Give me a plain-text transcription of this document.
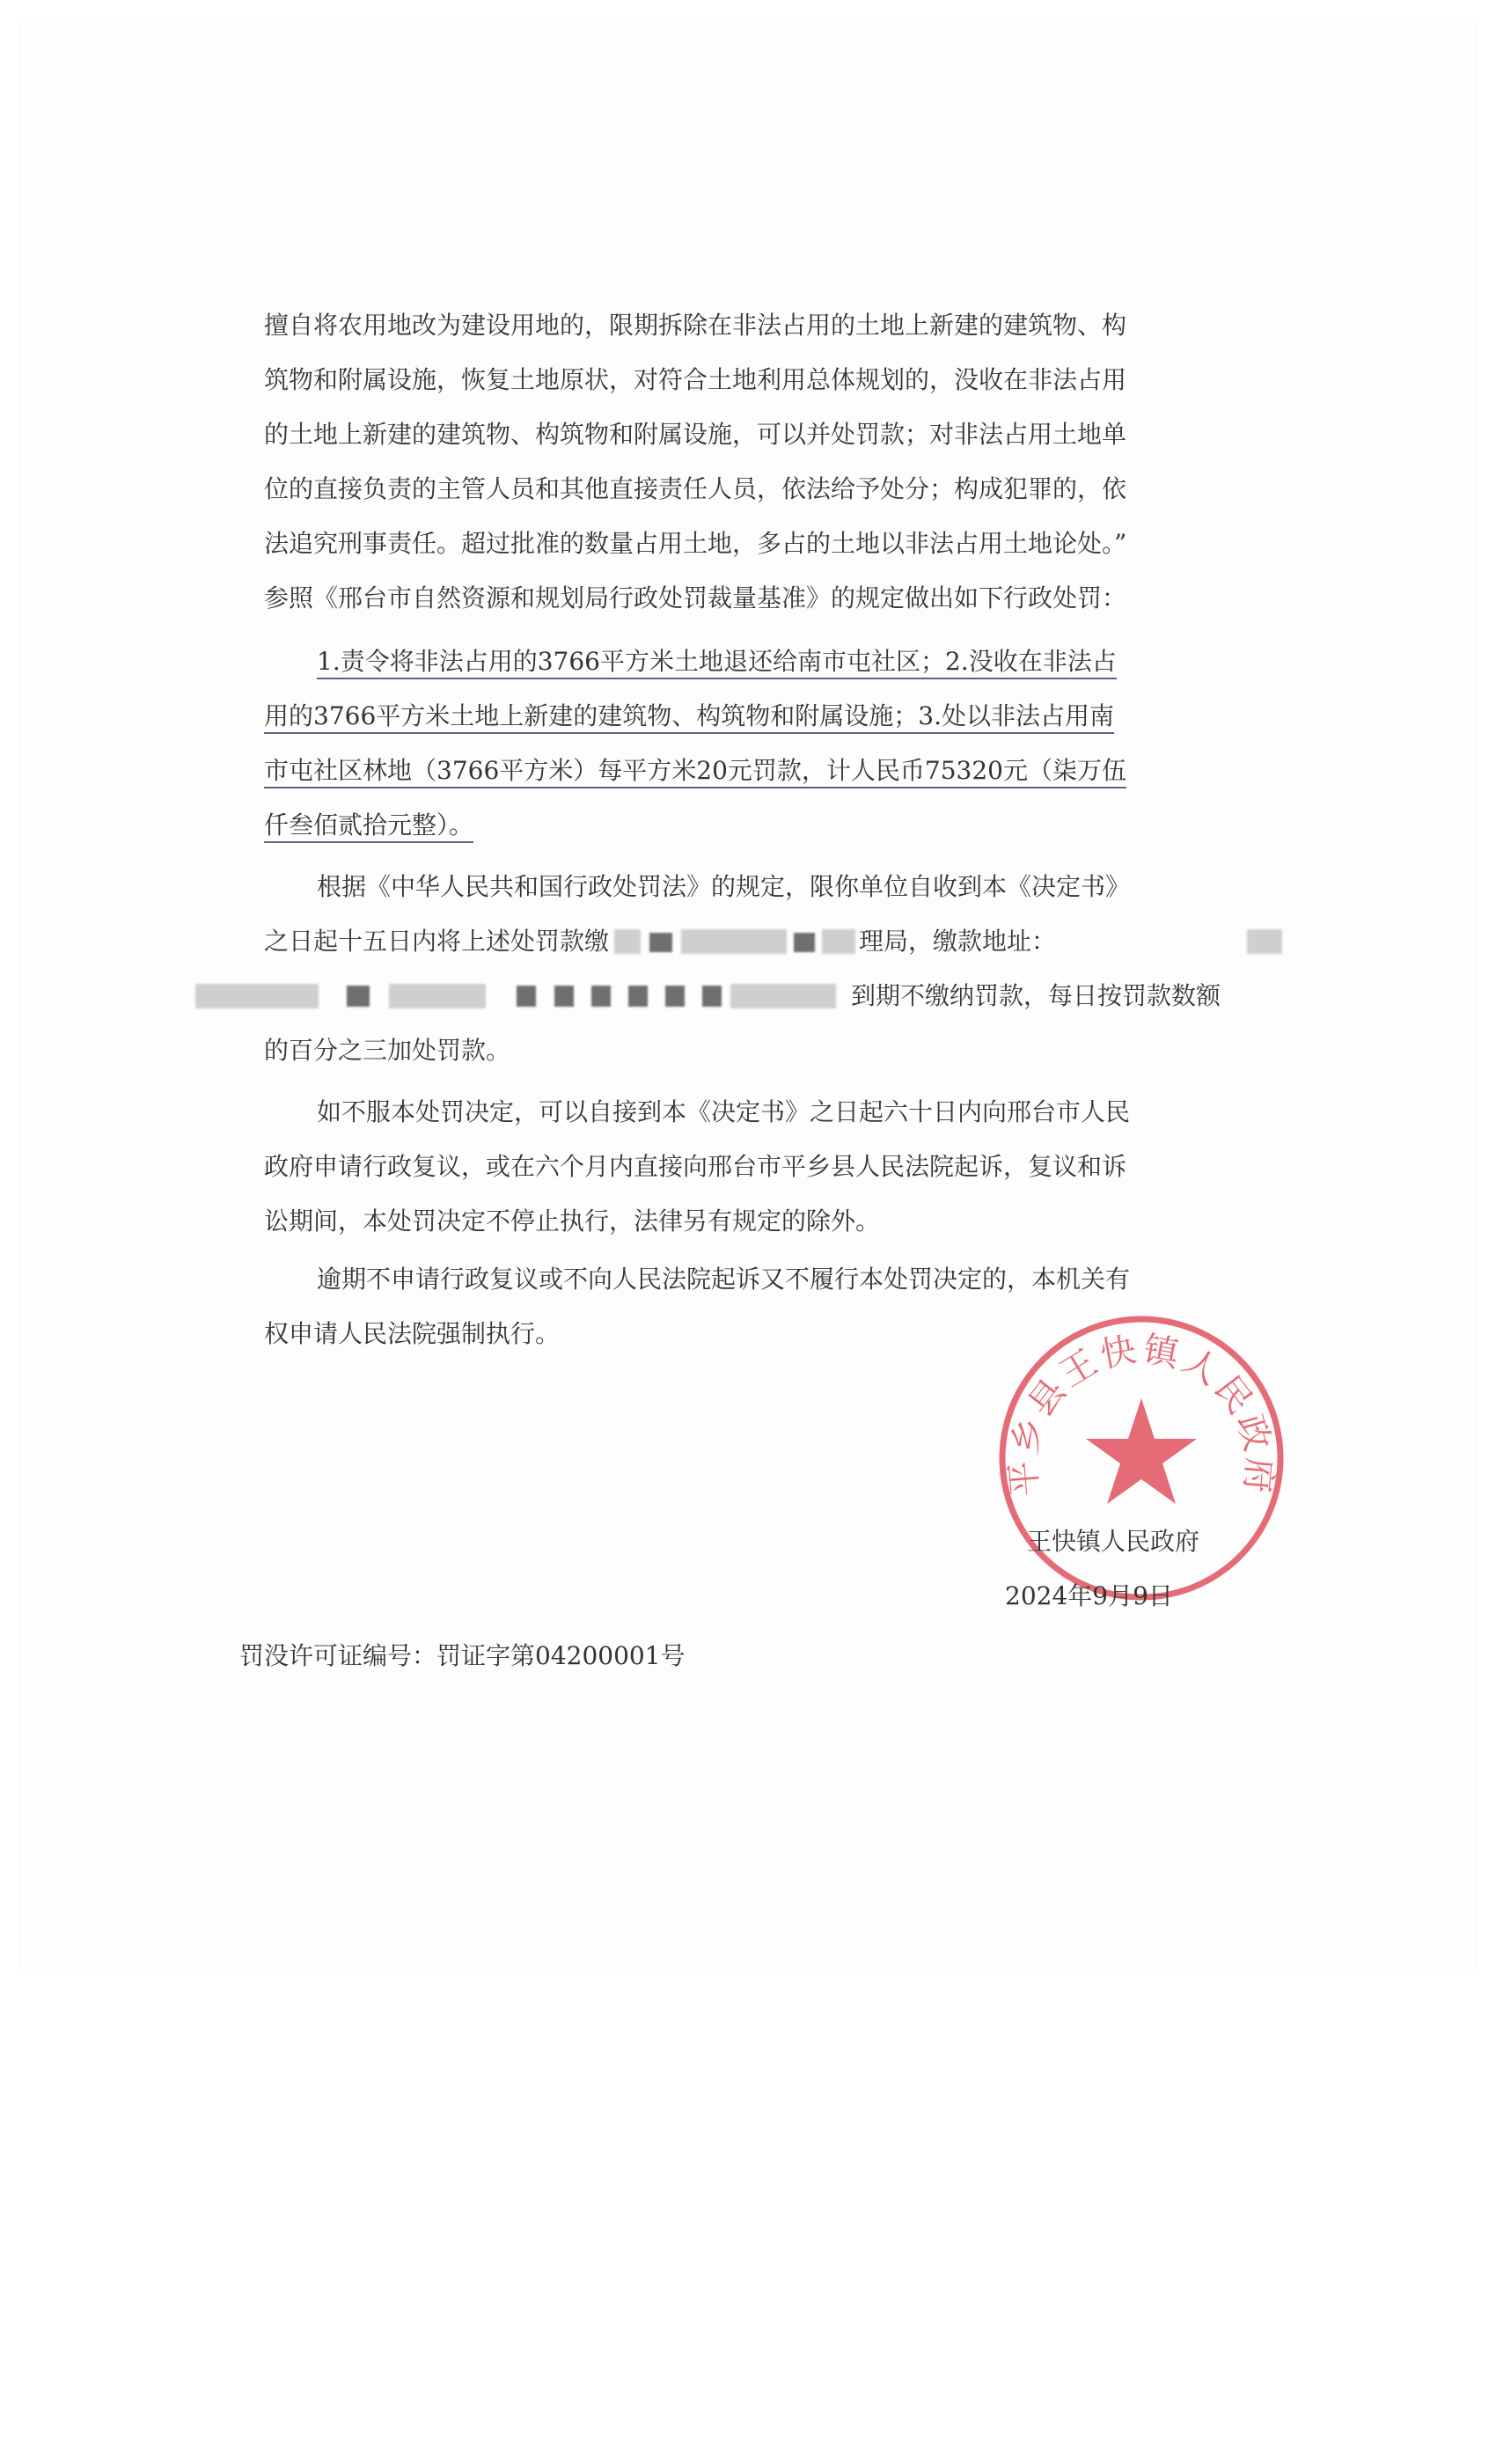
擅自将农用地改为建设用地的，限期拆除在非法占用的土地上新建的建筑物、构
筑物和附属设施，恢复土地原状，对符合土地利用总体规划的，没收在非法占用
的土地上新建的建筑物、构筑物和附属设施，可以并处罚款；对非法占用土地单
位的直接负责的主管人员和其他直接责任人员，依法给予处分；构成犯罪的，依
法追究刑事责任。超过批准的数量占用土地，多占的土地以非法占用土地论处。”
参照《邢台市自然资源和规划局行政处罚裁量基准》的规定做出如下行政处罚：
1.责令将非法占用的3766平方米土地退还给南市屯社区；2.没收在非法占
用的3766平方米土地上新建的建筑物、构筑物和附属设施；3.处以非法占用南
市屯社区林地（3766平方米）每平方米20元罚款，计人民币75320元（柒万伍
仟叁佰贰拾元整）。
根据《中华人民共和国行政处罚法》的规定，限你单位自收到本《决定书》
之日起十五日内将上述处罚款缴	理局，缴款地址：
到期不缴纳罚款，每日按罚款数额
的百分之三加处罚款。
如不服本处罚决定，可以自接到本《决定书》之日起六十日内向邢台市人民
政府申请行政复议，或在六个月内直接向邢台市平乡县人民法院起诉，复议和诉
讼期间，本处罚决定不停止执行，法律另有规定的除外。
逾期不申请行政复议或不向人民法院起诉又不履行本处罚决定的，本机关有
权申请人民法院强制执行。
平乡县王快镇人民政府
王快镇人民政府
2024年9月9日
罚没许可证编号：罚证字第04200001号
